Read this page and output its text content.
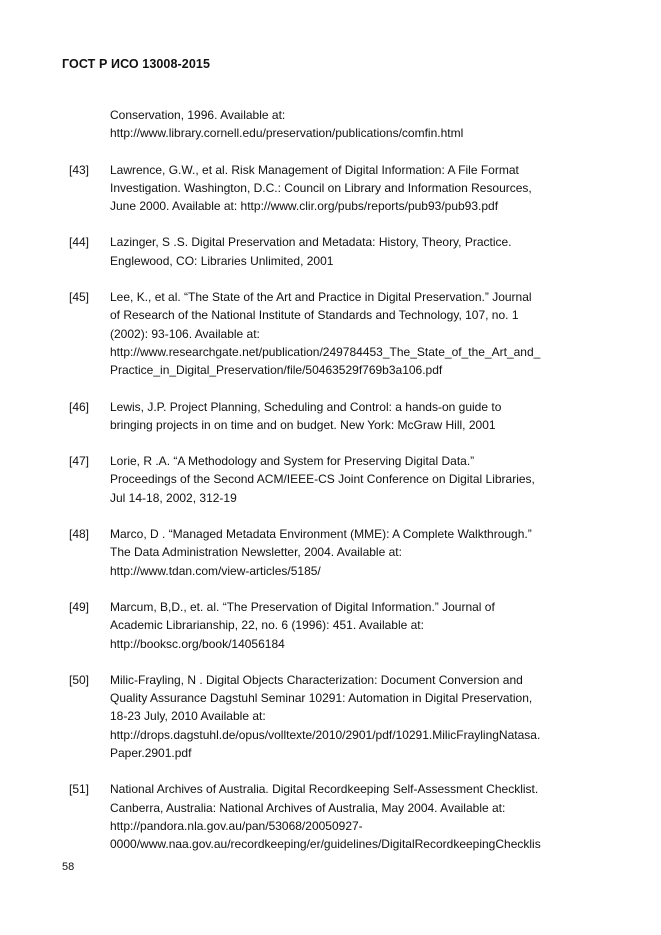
ГОСТ Р ИСО 13008-2015
Conservation, 1996. Available at:
http://www.library.cornell.edu/preservation/publications/comfin.html
[43]	Lawrence, G.W., et al. Risk Management of Digital Information: A File Format
Investigation. Washington, D.C.: Council on Library and Information Resources,
June 2000. Available at: http://www.clir.org/pubs/reports/pub93/pub93.pdf
[44]	Lazinger, S .S. Digital Preservation and Metadata: History, Theory, Practice.
Englewood, CO: Libraries Unlimited, 2001
[45]	Lee, K., et al. “The State of the Art and Practice in Digital Preservation.” Journal
of Research of the National Institute of Standards and Technology, 107, no. 1
(2002): 93-106. Available at:
http://www.researchgate.net/publication/249784453_The_State_of_the_Art_and_
Practice_in_Digital_Preservation/file/50463529f769b3a106.pdf
[46]	Lewis, J.P. Project Planning, Scheduling and Control: a hands-on guide to
bringing projects in on time and on budget. New York: McGraw Hill, 2001
[47]	Lorie, R .A. “A Methodology and System for Preserving Digital Data.”
Proceedings of the Second ACM/IEEE-CS Joint Conference on Digital Libraries,
Jul 14-18, 2002, 312-19
[48]	Marco, D . “Managed Metadata Environment (MME): A Complete Walkthrough.”
The Data Administration Newsletter, 2004. Available at:
http://www.tdan.com/view-articles/5185/
[49]	Marcum, B,D., et. al. “The Preservation of Digital Information.” Journal of
Academic Librarianship, 22, no. 6 (1996): 451. Available at:
http://booksc.org/book/14056184
[50]	Milic-Frayling, N . Digital Objects Characterization: Document Conversion and
Quality Assurance Dagstuhl Seminar 10291: Automation in Digital Preservation,
18-23 July, 2010 Available at:
http://drops.dagstuhl.de/opus/volltexte/2010/2901/pdf/10291.MilicFraylingNatasa.
Paper.2901.pdf
[51]	National Archives of Australia. Digital Recordkeeping Self-Assessment Checklist.
Canberra, Australia: National Archives of Australia, May 2004. Available at:
http://pandora.nla.gov.au/pan/53068/20050927-
0000/www.naa.gov.au/recordkeeping/er/guidelines/DigitalRecordkeepingChecklis
58
